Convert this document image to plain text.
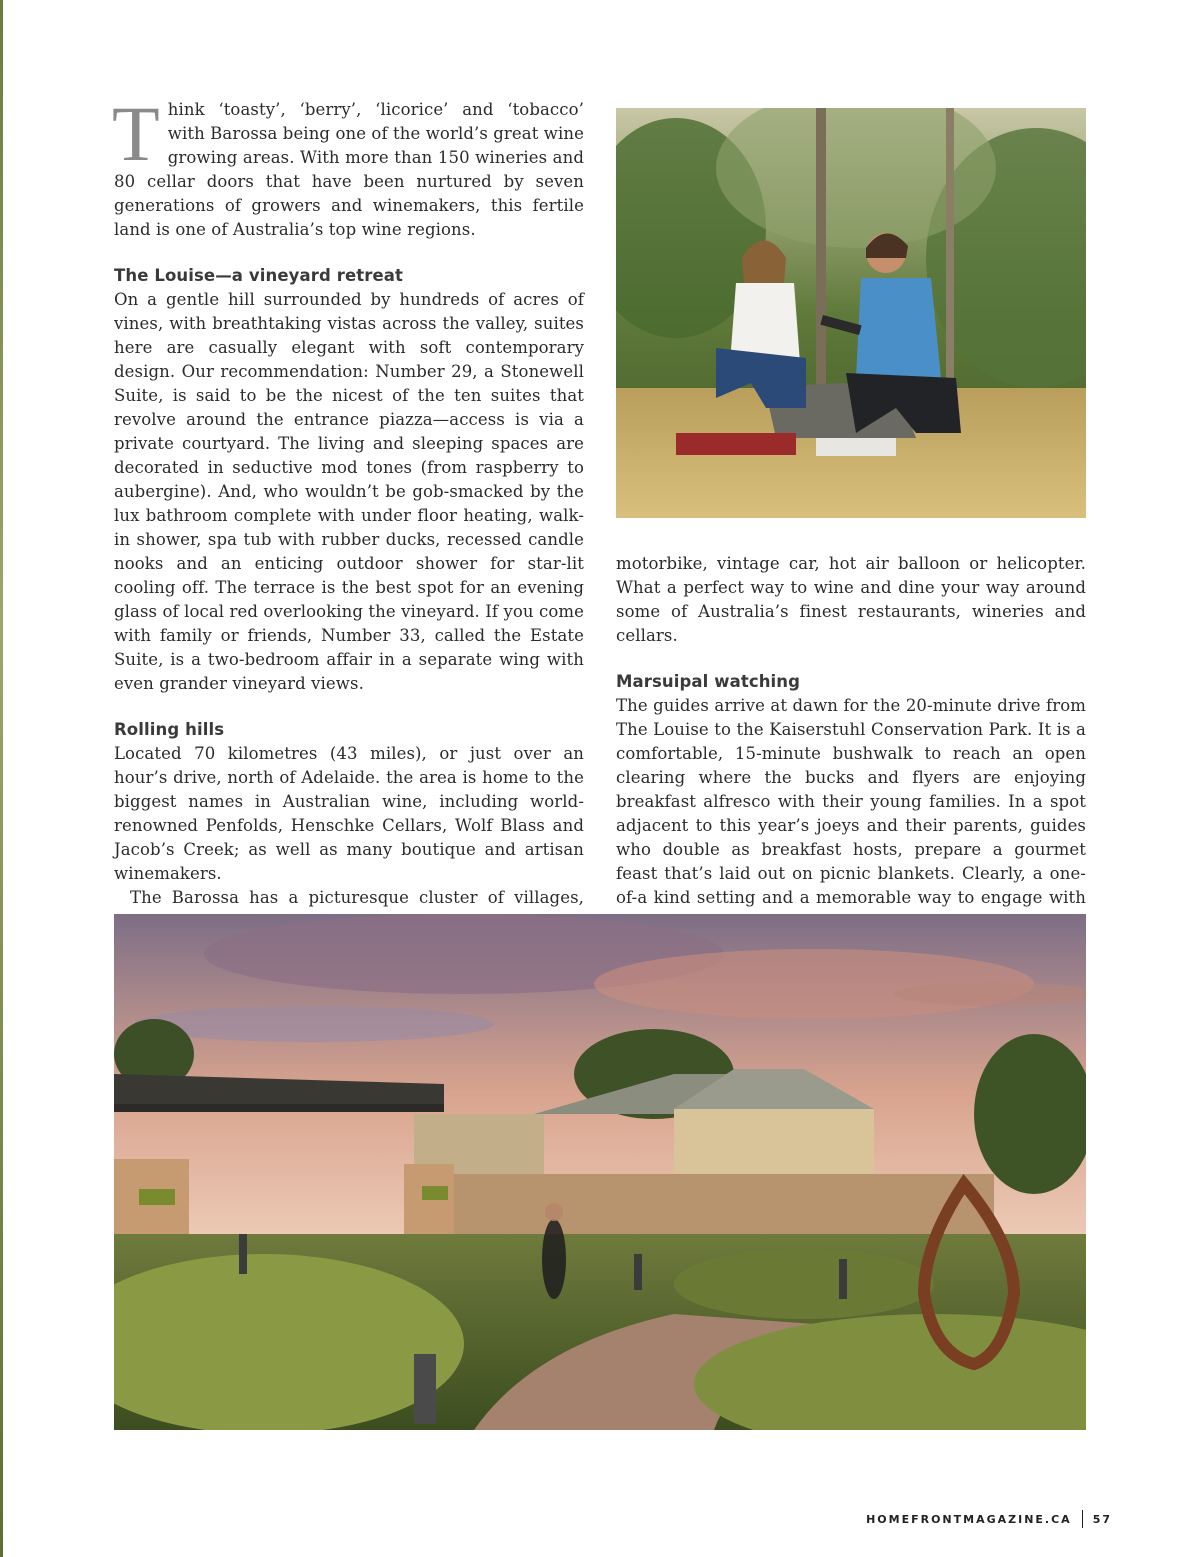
Think ‘toasty’, ‘berry’, ‘licorice’ and ‘tobacco’ with Barossa being one of the world’s great wine growing areas. With more than 150 wineries and 80 cellar doors that have been nurtured by seven generations of growers and winemakers, this fertile land is one of Australia’s top wine regions.

The Louise—a vineyard retreat

On a gentle hill surrounded by hundreds of acres of vines, with breathtaking vistas across the valley, suites here are casually elegant with soft contemporary design. Our recommendation: Number 29, a Stonewell Suite, is said to be the nicest of the ten suites that revolve around the entrance piazza—access is via a private courtyard. The living and sleeping spaces are decorated in seductive mod tones (from raspberry to aubergine). And, who wouldn’t be gob-smacked by the lux bathroom complete with under floor heating, walk-in shower, spa tub with rubber ducks, recessed candle nooks and an enticing outdoor shower for star-lit cooling off. The terrace is the best spot for an evening glass of local red overlooking the vineyard. If you come with family or friends, Number 33, called the Estate Suite, is a two-bedroom affair in a separate wing with even grander vineyard views.

Rolling hills

Located 70 kilometres (43 miles), or just over an hour’s drive, north of Adelaide. the area is home to the biggest names in Australian wine, including world-renowned Penfolds, Henschke Cellars, Wolf Blass and Jacob’s Creek; as well as many boutique and artisan winemakers.

The Barossa has a picturesque cluster of villages,

motorbike, vintage car, hot air balloon or helicopter. What a perfect way to wine and dine your way around some of Australia’s finest restaurants, wineries and cellars.

Marsuipal watching

The guides arrive at dawn for the 20-minute drive from The Louise to the Kaiserstuhl Conservation Park. It is a comfortable, 15-minute bushwalk to reach an open clearing where the bucks and flyers are enjoying breakfast alfresco with their young families. In a spot adjacent to this year’s joeys and their parents, guides who double as breakfast hosts, prepare a gourmet feast that’s laid out on picnic blankets. Clearly, a one-of-a kind setting and a memorable way to engage with

HOMEFRONTMAGAZINE.CA 57
